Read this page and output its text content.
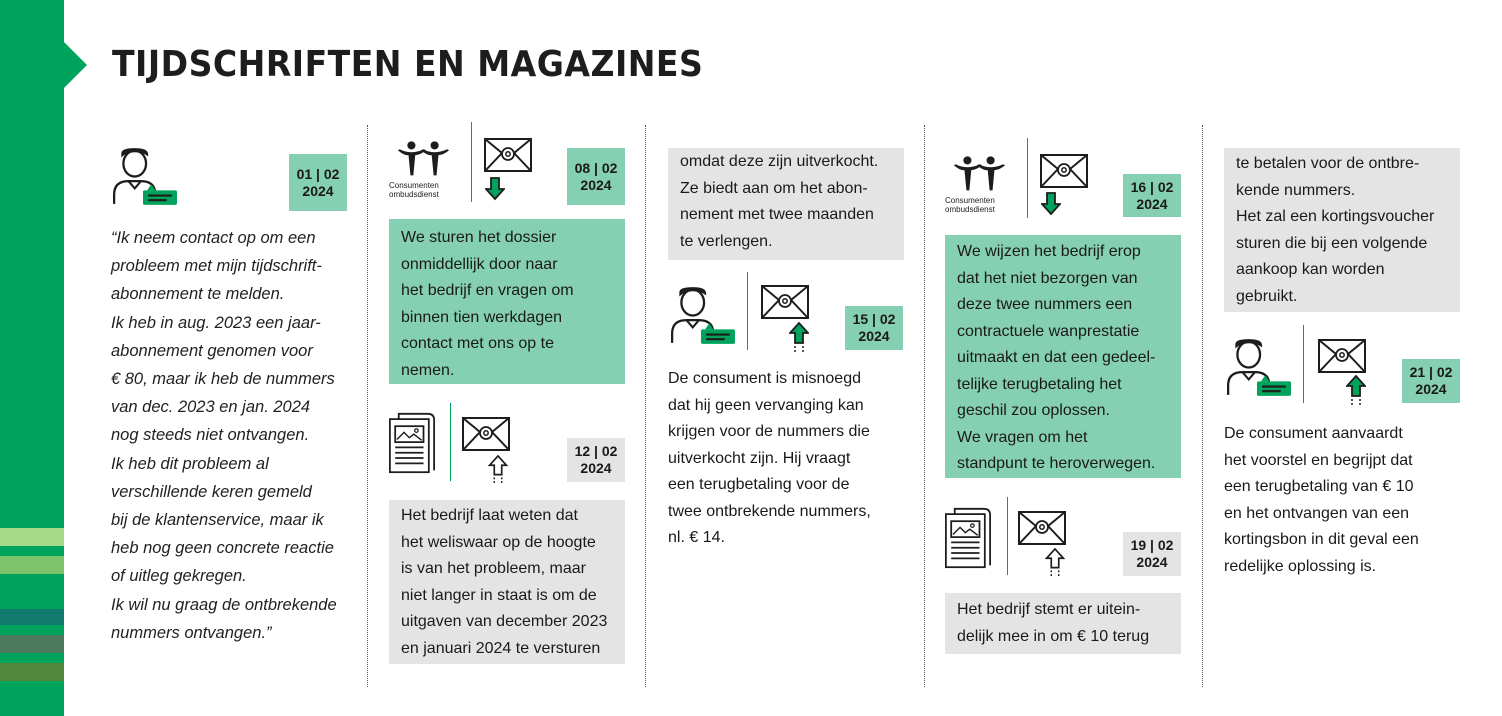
TIJDSCHRIFTEN EN MAGAZINES
01 | 02
2024
“Ik neem contact op om een
probleem met mijn tijdschrift-
abonnement te melden.
Ik heb in aug. 2023 een jaar-
abonnement genomen voor
€ 80, maar ik heb de nummers
van dec. 2023 en jan. 2024
nog steeds niet ontvangen.
Ik heb dit probleem al
verschillende keren gemeld
bij de klantenservice, maar ik
heb nog geen concrete reactie
of uitleg gekregen.
Ik wil nu graag de ontbrekende
nummers ontvangen.”
Consumenten
ombudsdienst
08 | 02
2024
We sturen het dossier
onmiddellijk door naar
het bedrijf en vragen om
binnen tien werkdagen
contact met ons op te
nemen.
12 | 02
2024
Het bedrijf laat weten dat
het weliswaar op de hoogte
is van het probleem, maar
niet langer in staat is om de
uitgaven van december 2023
en januari 2024 te versturen
omdat deze zijn uitverkocht.
Ze biedt aan om het abon-
nement met twee maanden
te verlengen.
15 | 02
2024
De consument is misnoegd
dat hij geen vervanging kan
krijgen voor de nummers die
uitverkocht zijn. Hij vraagt
een terugbetaling voor de
twee ontbrekende nummers,
nl. € 14.
Consumenten
ombudsdienst
16 | 02
2024
We wijzen het bedrijf erop
dat het niet bezorgen van
deze twee nummers een
contractuele wanprestatie
uitmaakt en dat een gedeel-
telijke terugbetaling het
geschil zou oplossen.
We vragen om het
standpunt te heroverwegen.
19 | 02
2024
Het bedrijf stemt er uitein-
delijk mee in om € 10 terug
te betalen voor de ontbre-
kende nummers.
Het zal een kortingsvoucher
sturen die bij een volgende
aankoop kan worden
gebruikt.
21 | 02
2024
De consument aanvaardt
het voorstel en begrijpt dat
een terugbetaling van € 10
en het ontvangen van een
kortingsbon in dit geval een
redelijke oplossing is.
